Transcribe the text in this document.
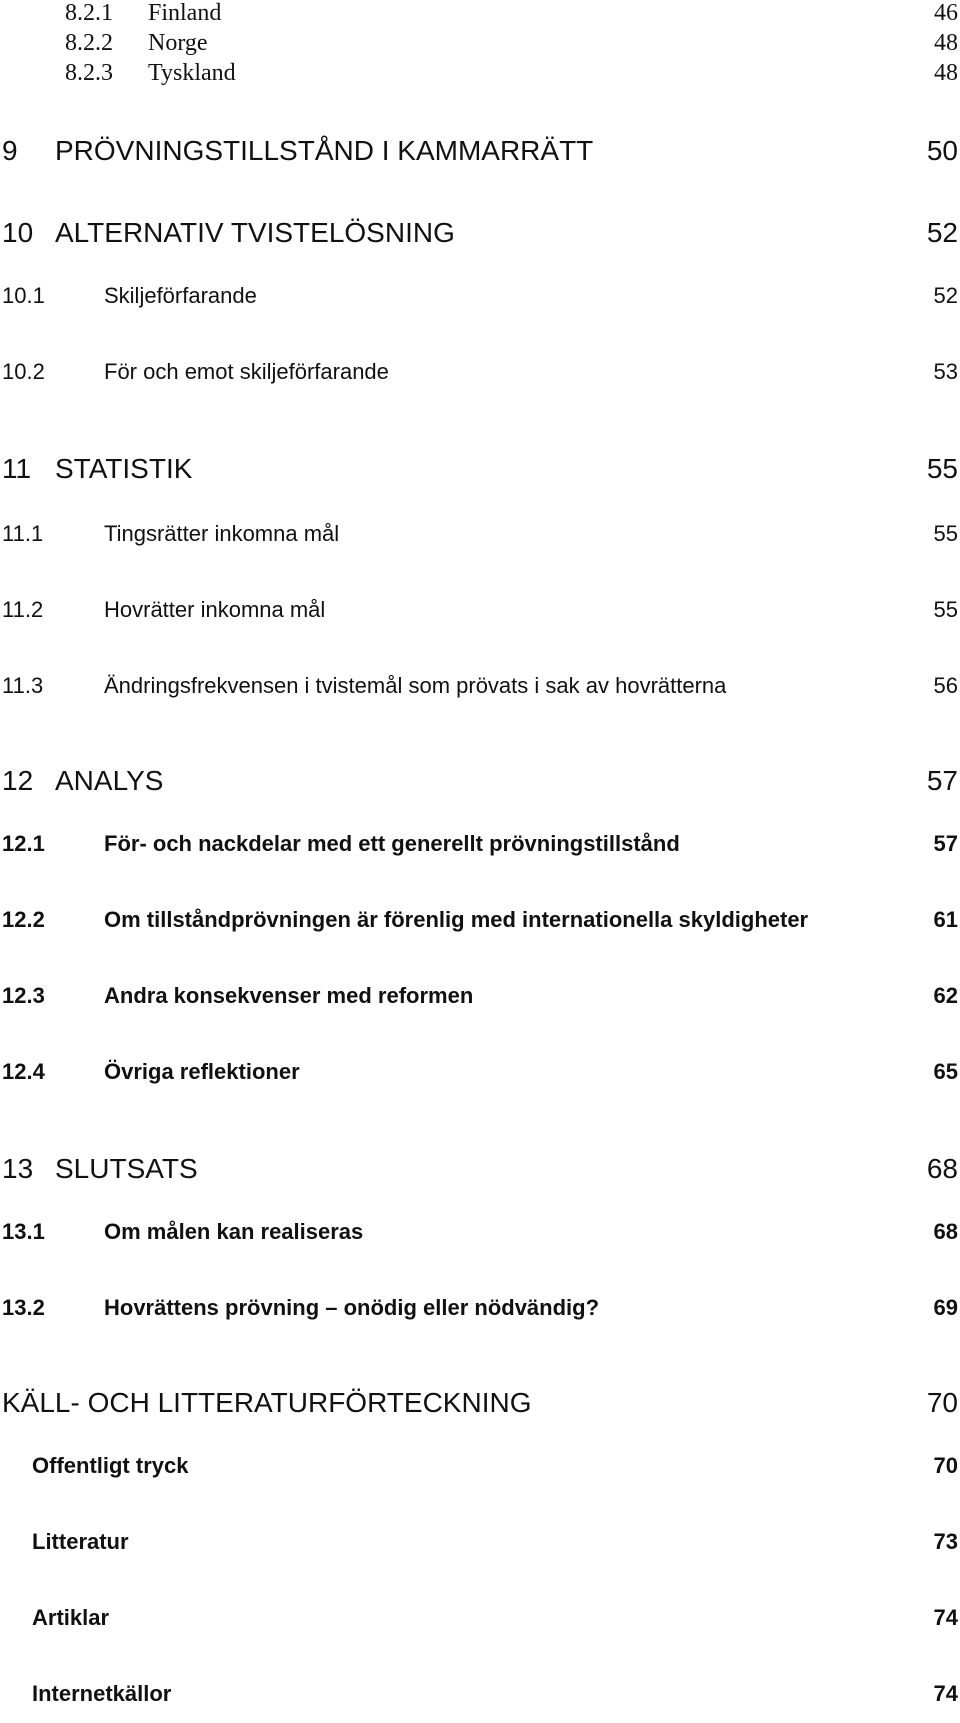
8.2.1 Finland	46
8.2.2 Norge	48
8.2.3 Tyskland	48
9 PRÖVNINGSTILLSTÅND I KAMMARRÄTT	50
10 ALTERNATIV TVISTELÖSNING	52
10.1	Skiljeförfarande	52
10.2	För och emot skiljeförfarande	53
11 STATISTIK	55
11.1	Tingsrätter inkomna mål	55
11.2	Hovrätter inkomna mål	55
11.3	Ändringsfrekvensen i tvistemål som prövats i sak av hovrätterna	56
12 ANALYS	57
12.1	För- och nackdelar med ett generellt prövningstillstånd	57
12.2	Om tillståndprövningen är förenlig med internationella skyldigheter	61
12.3	Andra konsekvenser med reformen	62
12.4	Övriga reflektioner	65
13 SLUTSATS	68
13.1	Om målen kan realiseras	68
13.2	Hovrättens prövning – onödig eller nödvändig?	69
KÄLL- OCH LITTERATURFÖRTECKNING	70
Offentligt tryck	70
Litteratur	73
Artiklar	74
Internetkällor	74
